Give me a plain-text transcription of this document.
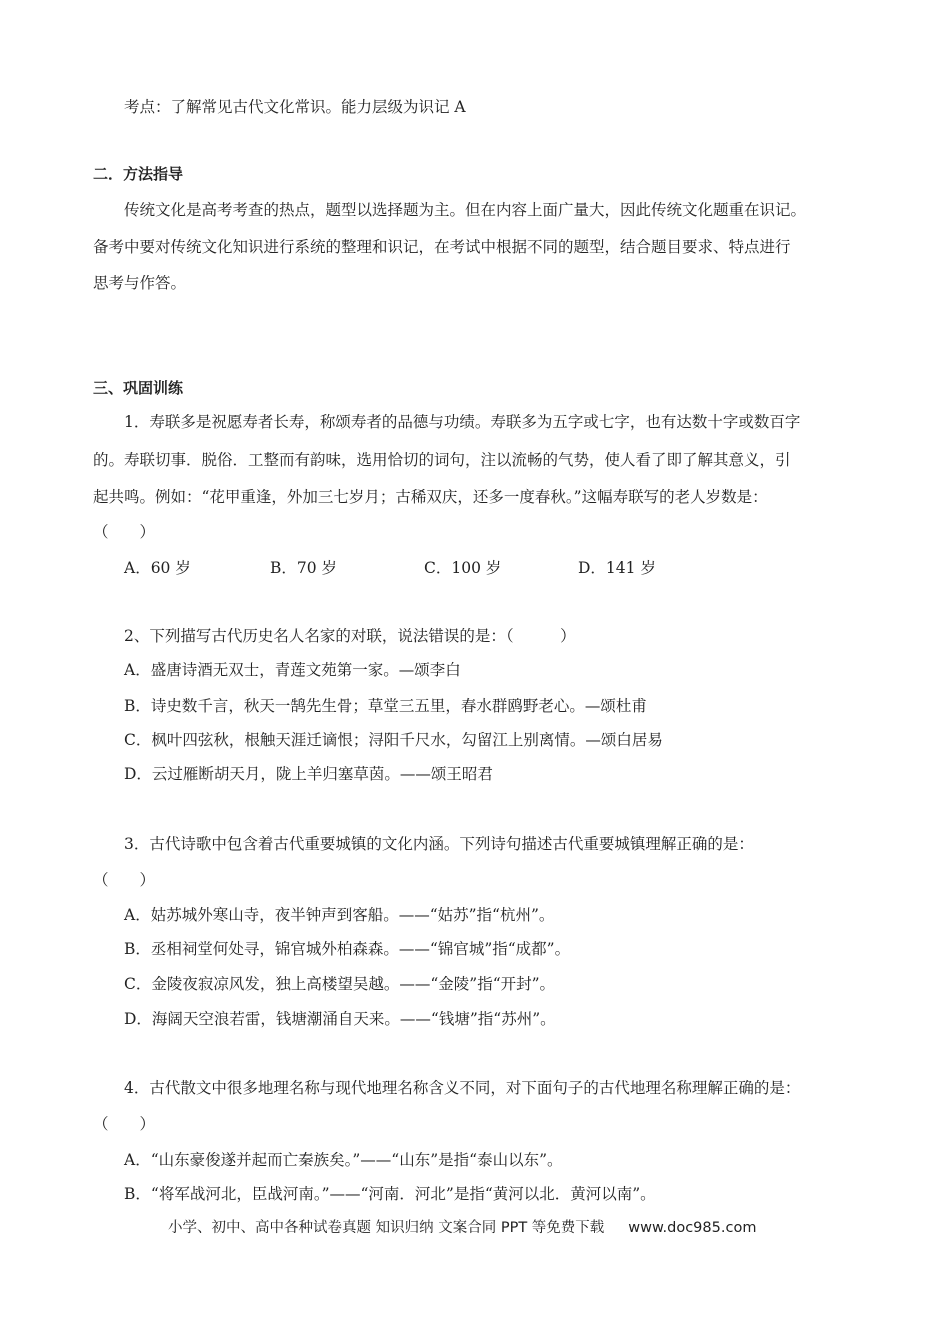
考点：了解常见古代文化常识。能力层级为识记 A
二．方法指导
传统文化是高考考查的热点，题型以选择题为主。但在内容上面广量大，因此传统文化题重在识记。
备考中要对传统文化知识进行系统的整理和识记，在考试中根据不同的题型，结合题目要求、特点进行
思考与作答。
三、巩固训练
1．寿联多是祝愿寿者长寿，称颂寿者的品德与功绩。寿联多为五字或七字，也有达数十字或数百字
的。寿联切事．脱俗．工整而有韵味，选用恰切的词句，注以流畅的气势，使人看了即了解其意义，引
起共鸣。例如：“花甲重逢，外加三七岁月；古稀双庆，还多一度春秋。”这幅寿联写的老人岁数是：
（　　）
A．60 岁	B．70 岁	C．100 岁	D．141 岁
2、下列描写古代历史名人名家的对联，说法错误的是：（　　　）
A．盛唐诗酒无双士，青莲文苑第一家。—颂李白
B．诗史数千言，秋天一鹄先生骨；草堂三五里，春水群鸥野老心。—颂杜甫
C．枫叶四弦秋，根触天涯迁谪恨；浔阳千尺水，勾留江上别离情。—颂白居易
D．云过雁断胡天月，陇上羊归塞草茵。——颂王昭君
3．古代诗歌中包含着古代重要城镇的文化内涵。下列诗句描述古代重要城镇理解正确的是：
（　　）
A．姑苏城外寒山寺，夜半钟声到客船。——“姑苏”指“杭州”。
B．丞相祠堂何处寻，锦官城外柏森森。——“锦官城”指“成都”。
C．金陵夜寂凉风发，独上高楼望吴越。——“金陵”指“开封”。
D．海阔天空浪若雷，钱塘潮涌自天来。——“钱塘”指“苏州”。
4．古代散文中很多地理名称与现代地理名称含义不同，对下面句子的古代地理名称理解正确的是：
（　　）
A．“山东豪俊遂并起而亡秦族矣。”——“山东”是指“泰山以东”。
B．“将军战河北，臣战河南。”——“河南．河北”是指“黄河以北．黄河以南”。
小学、初中、高中各种试卷真题 知识归纳 文案合同 PPT 等免费下载 www.doc985.com
